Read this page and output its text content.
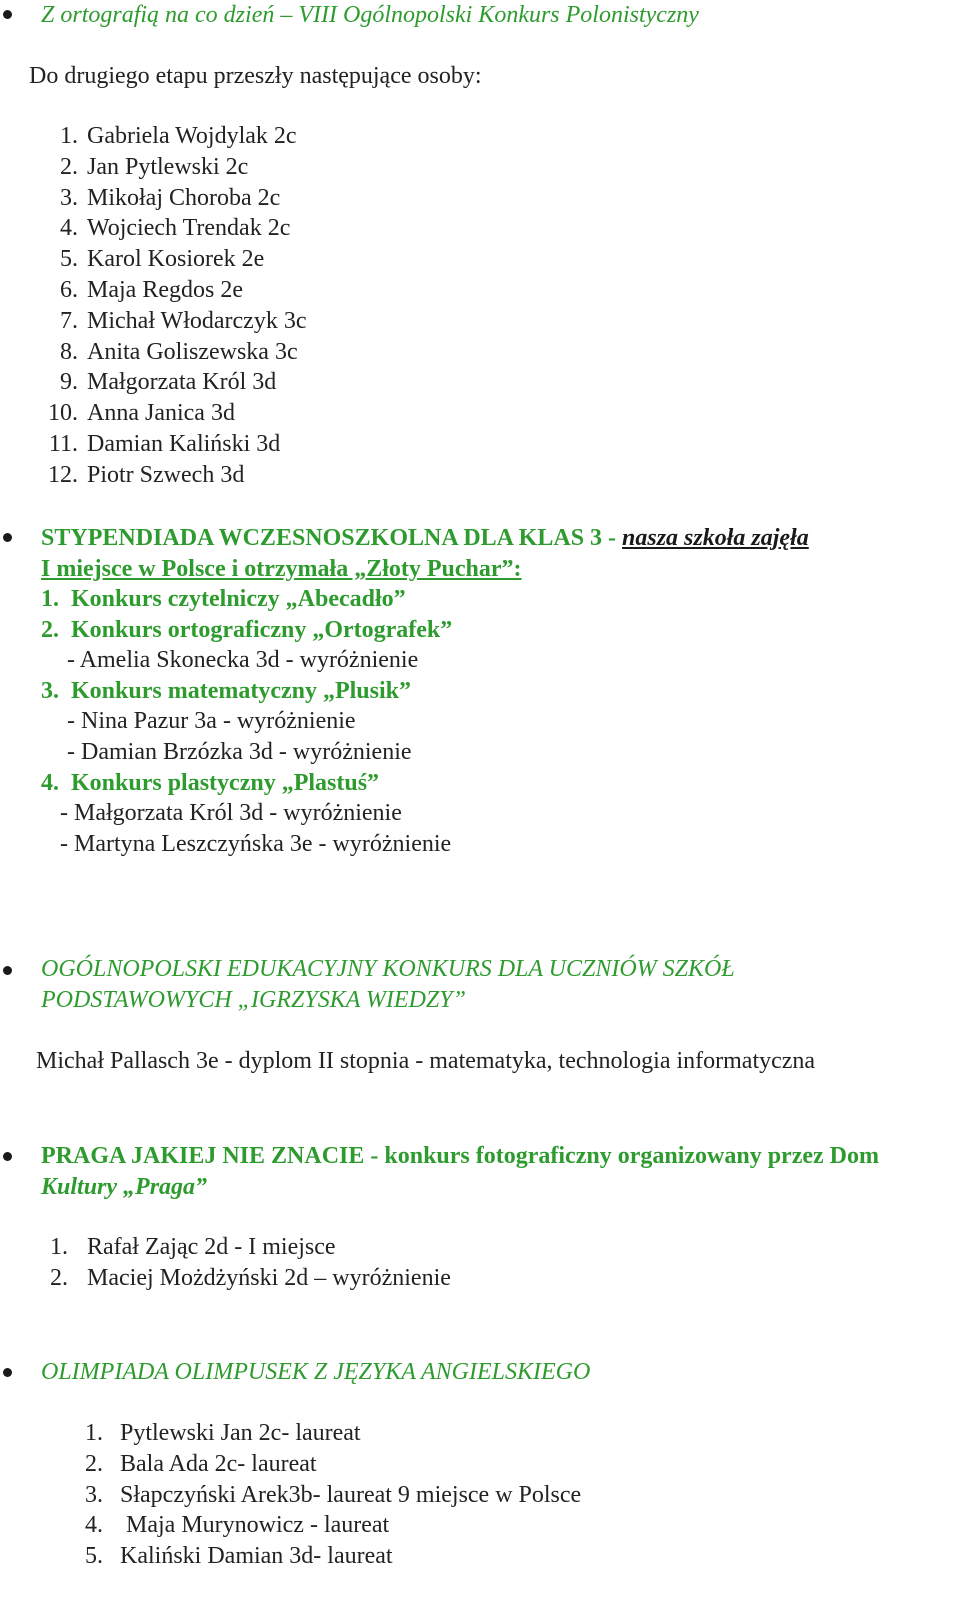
Z ortografią na co dzień – VIII Ogólnopolski Konkurs Polonistyczny
Do drugiego etapu przeszły następujące osoby:
1. Gabriela Wojdylak 2c
2. Jan Pytlewski 2c
3. Mikołaj Choroba 2c
4. Wojciech Trendak 2c
5. Karol Kosiorek 2e
6. Maja Regdos 2e
7. Michał Włodarczyk 3c
8. Anita Goliszewska 3c
9. Małgorzata Król 3d
10. Anna Janica 3d
11. Damian Kaliński 3d
12. Piotr Szwech 3d
STYPENDIADA WCZESNOSZKOLNA DLA KLAS 3 - nasza szkoła zajęła
I miejsce w Polsce i otrzymała „Złoty Puchar”:
1.  Konkurs czytelniczy „Abecadło”
2.  Konkurs ortograficzny „Ortografek”
- Amelia Skonecka 3d - wyróżnienie
3.  Konkurs matematyczny „Plusik”
- Nina Pazur 3a - wyróżnienie
- Damian Brzózka 3d - wyróżnienie
4.  Konkurs plastyczny „Plastuś”
- Małgorzata Król 3d - wyróżnienie
- Martyna Leszczyńska 3e - wyróżnienie
OGÓLNOPOLSKI EDUKACYJNY KONKURS DLA UCZNIÓW SZKÓŁ
PODSTAWOWYCH „IGRZYSKA WIEDZY”
Michał Pallasch 3e - dyplom II stopnia - matematyka, technologia informatyczna
PRAGA JAKIEJ NIE ZNACIE - konkurs fotograficzny organizowany przez Dom
Kultury „Praga”
1. Rafał Zając 2d - I miejsce
2. Maciej Możdżyński 2d – wyróżnienie
OLIMPIADA OLIMPUSEK Z JĘZYKA ANGIELSKIEGO
1. Pytlewski Jan 2c- laureat
2. Bala Ada 2c- laureat
3. Słapczyński Arek3b- laureat 9 miejsce w Polsce
4. Maja Murynowicz - laureat
5. Kaliński Damian 3d- laureat
